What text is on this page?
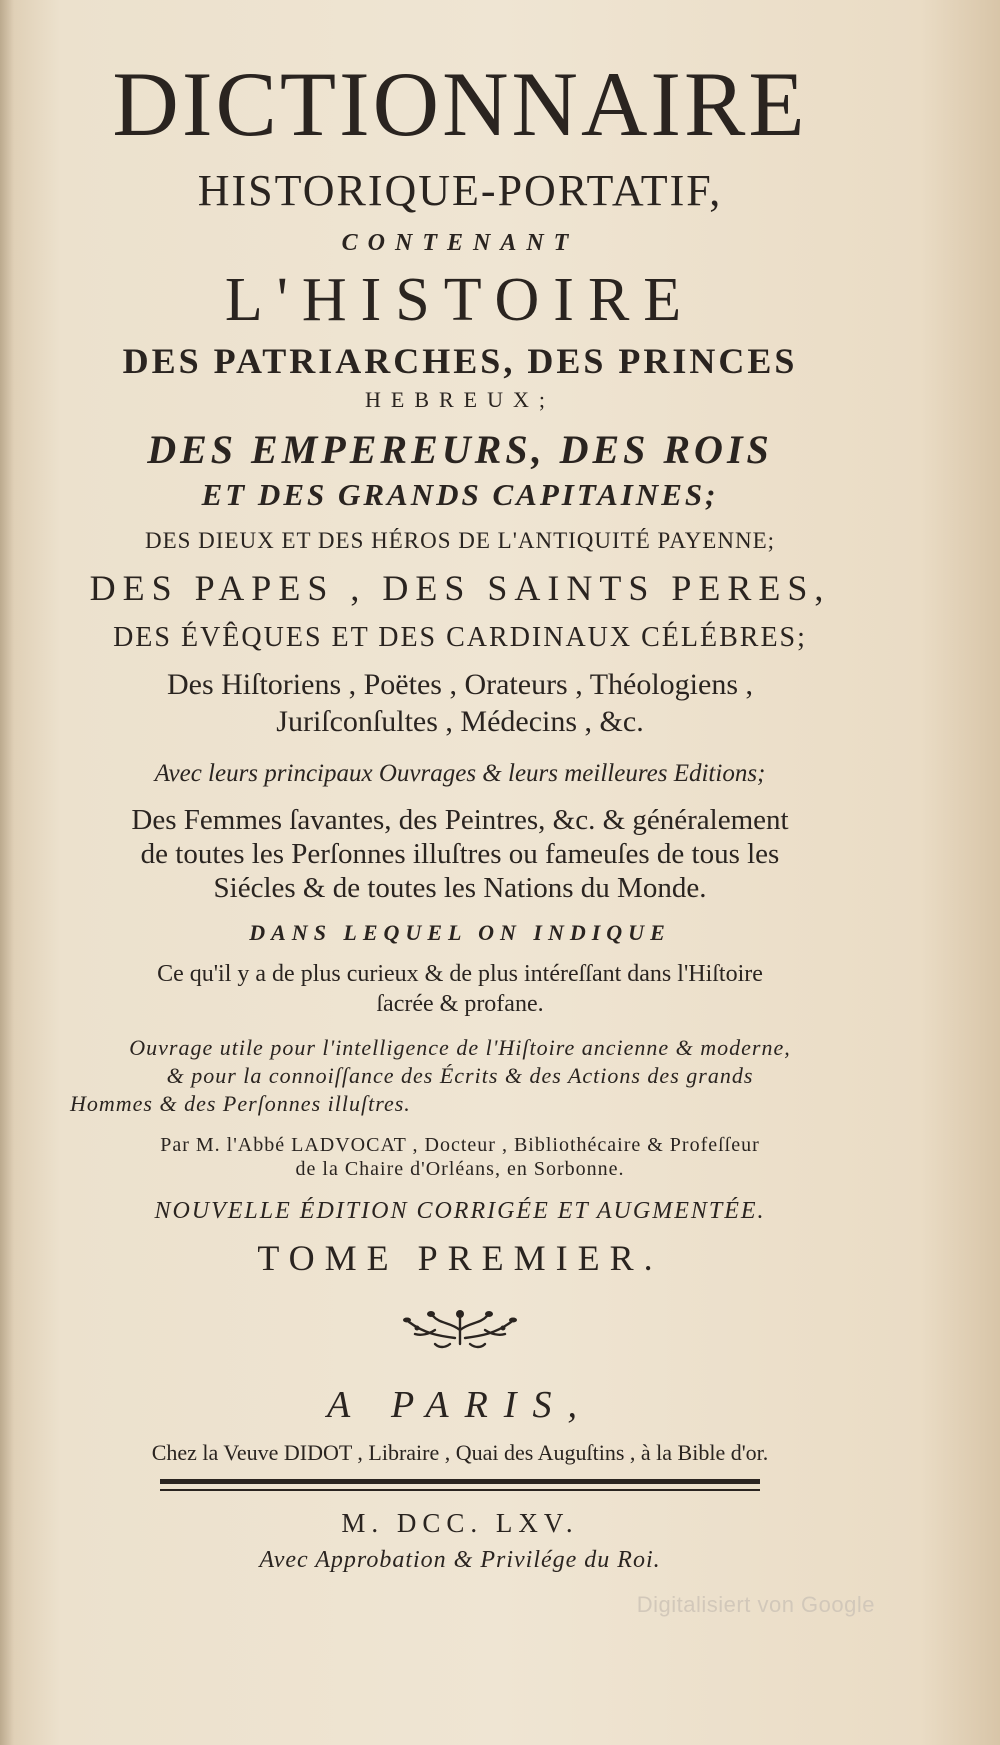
DICTIONNAIRE

HISTORIQUE-PORTATIF,

CONTENANT

L'HISTOIRE

DES PATRIARCHES, DES PRINCES

HEBREUX;

DES EMPEREURS, DES ROIS

ET DES GRANDS CAPITAINES;

DES DIEUX ET DES HÉROS DE L'ANTIQUITÉ PAYENNE;

DES PAPES , DES SAINTS PERES,

DES ÉVÊQUES ET DES CARDINAUX CÉLÉBRES;

Des Hiſtoriens , Poëtes , Orateurs , Théologiens ,

Juriſconſultes , Médecins , &c.

Avec leurs principaux Ouvrages & leurs meilleures Editions;

Des Femmes ſavantes, des Peintres, &c. & généralement

de toutes les Perſonnes illuſtres ou fameuſes de tous les

Siécles & de toutes les Nations du Monde.

DANS LEQUEL ON INDIQUE

Ce qu'il y a de plus curieux & de plus intéreſſant dans l'Hiſtoire

ſacrée & profane.

Ouvrage utile pour l'intelligence de l'Hiſtoire ancienne & moderne,

& pour la connoiſſance des Écrits & des Actions des grands

Hommes & des Perſonnes illuſtres.

Par M. l'Abbé LADVOCAT , Docteur , Bibliothécaire & Profeſſeur

de la Chaire d'Orléans, en Sorbonne.

NOUVELLE ÉDITION CORRIGÉE ET AUGMENTÉE.

TOME PREMIER.

A PARIS,

Chez la Veuve DIDOT , Libraire , Quai des Auguſtins , à la Bible d'or.

M. DCC. LXV.

Avec Approbation & Privilége du Roi.

Digitalisiert von Google
